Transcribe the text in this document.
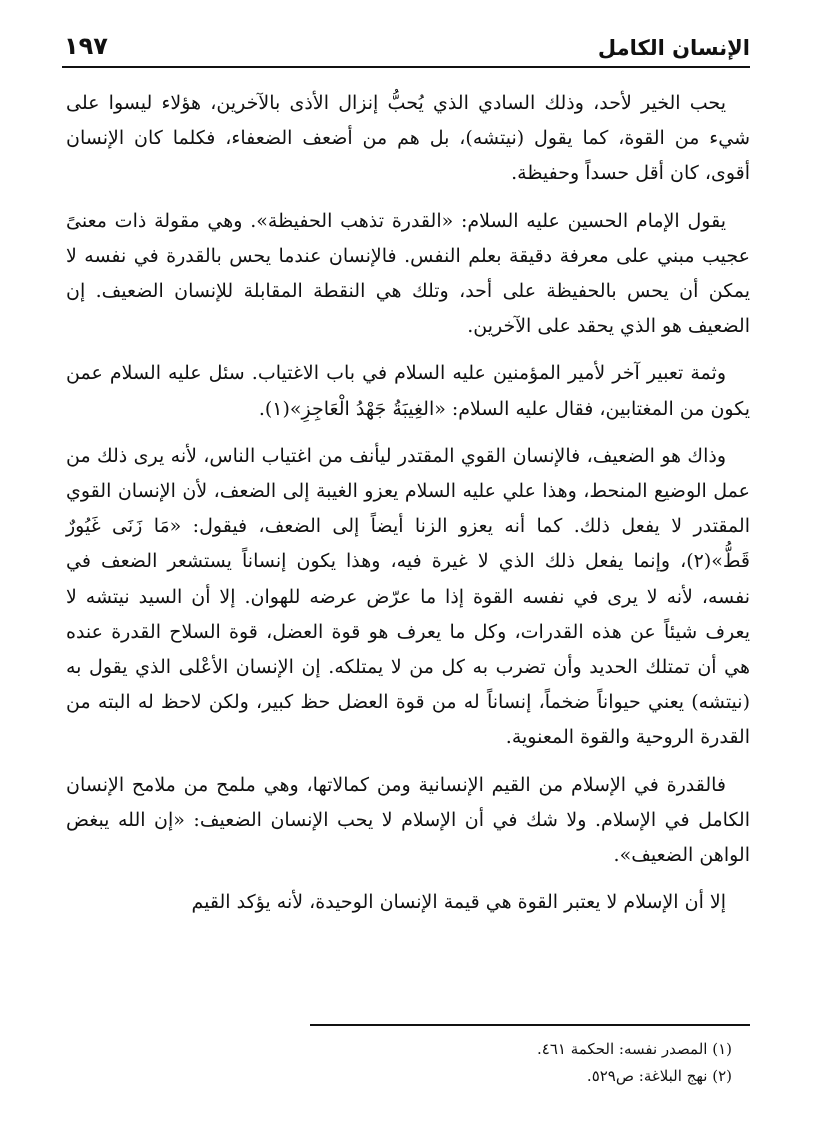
الإنسان الكامل
١٩٧

يحب الخير لأحد، وذلك السادي الذي يُحبُّ إنزال الأذى بالآخرين، هؤلاء ليسوا على شيء من القوة، كما يقول (نيتشه)، بل هم من أضعف الضعفاء، فكلما كان الإنسان أقوى، كان أقل حسداً وحفيظة.

يقول الإمام الحسين عليه السلام: «القدرة تذهب الحفيظة». وهي مقولة ذات معنىً عجيب مبني على معرفة دقيقة بعلم النفس. فالإنسان عندما يحس بالقدرة في نفسه لا يمكن أن يحس بالحفيظة على أحد، وتلك هي النقطة المقابلة للإنسان الضعيف. إن الضعيف هو الذي يحقد على الآخرين.

وثمة تعبير آخر لأمير المؤمنين عليه السلام في باب الاغتياب. سئل عليه السلام عمن يكون من المغتابين، فقال عليه السلام: «الغِيبَةُ جَهْدُ الْعَاجِزِ»(١).

وذاك هو الضعيف، فالإنسان القوي المقتدر ليأنف من اغتياب الناس، لأنه يرى ذلك من عمل الوضيع المنحط، وهذا علي عليه السلام يعزو الغيبة إلى الضعف، لأن الإنسان القوي المقتدر لا يفعل ذلك. كما أنه يعزو الزنا أيضاً إلى الضعف، فيقول: «مَا زَنَى غَيُورٌ قَطُّ»(٢)، وإنما يفعل ذلك الذي لا غيرة فيه، وهذا يكون إنساناً يستشعر الضعف في نفسه، لأنه لا يرى في نفسه القوة إذا ما عرّض عرضه للهوان. إلا أن السيد نيتشه لا يعرف شيئاً عن هذه القدرات، وكل ما يعرف هو قوة العضل، قوة السلاح القدرة عنده هي أن تمتلك الحديد وأن تضرب به كل من لا يمتلكه. إن الإنسان الأعْلى الذي يقول به (نيتشه) يعني حيواناً ضخماً، إنساناً له من قوة العضل حظ كبير، ولكن لاحظ له البته من القدرة الروحية والقوة المعنوية.

فالقدرة في الإسلام من القيم الإنسانية ومن كمالاتها، وهي ملمح من ملامح الإنسان الكامل في الإسلام. ولا شك في أن الإسلام لا يحب الإنسان الضعيف: «إن الله يبغض الواهن الضعيف».

إلا أن الإسلام لا يعتبر القوة هي قيمة الإنسان الوحيدة، لأنه يؤكد القيم

(١) المصدر نفسه: الحكمة ٤٦١.

(٢) نهج البلاغة: ص٥٢٩.
